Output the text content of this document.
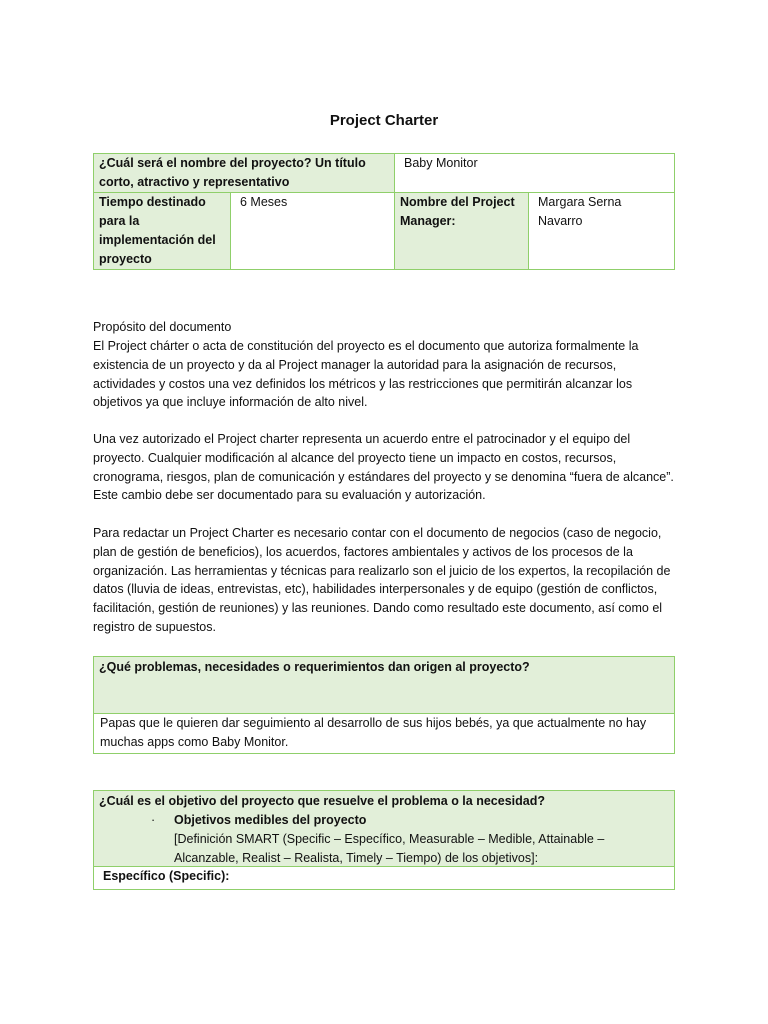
Project Charter
¿Cuál será el nombre del proyecto? Un título corto, atractivo y representativo		Baby Monitor	
Tiempo destinado para la implementación del proyecto	6 Meses	Nombre del Project Manager:	Margara Serna Navarro
Propósito del documento

El Project chárter o acta de constitución del proyecto es el documento que autoriza formalmente la existencia de un proyecto y da al Project manager la autoridad para la asignación de recursos, actividades y costos una vez definidos los métricos y las restricciones que permitirán alcanzar los objetivos ya que incluye información de alto nivel.

Una vez autorizado el Project charter representa un acuerdo entre el patrocinador y el equipo del proyecto. Cualquier modificación al alcance del proyecto tiene un impacto en costos, recursos, cronograma, riesgos, plan de comunicación y estándares del proyecto y se denomina “fuera de alcance”. Este cambio debe ser documentado para su evaluación y autorización.

Para redactar un Project Charter es necesario contar con el documento de negocios (caso de negocio, plan de gestión de beneficios), los acuerdos, factores ambientales y activos de los procesos de la organización. Las herramientas y técnicas para realizarlo son el juicio de los expertos, la recopilación de datos (lluvia de ideas, entrevistas, etc), habilidades interpersonales y de equipo (gestión de conflictos, facilitación, gestión de reuniones) y las reuniones. Dando como resultado este documento, así como el registro de supuestos.

¿Qué problemas, necesidades o requerimientos dan origen al proyecto?
Papas que le quieren dar seguimiento al desarrollo de sus hijos bebés, ya que actualmente no hay muchas apps como Baby Monitor.
¿Cuál es el objetivo del proyecto que resuelve el problema o la necesidad?
· Objetivos medibles del proyecto
[Definición SMART (Specific – Específico, Measurable – Medible, Attainable – Alcanzable, Realist – Realista, Timely – Tiempo) de los objetivos]:
Específico (Specific):
